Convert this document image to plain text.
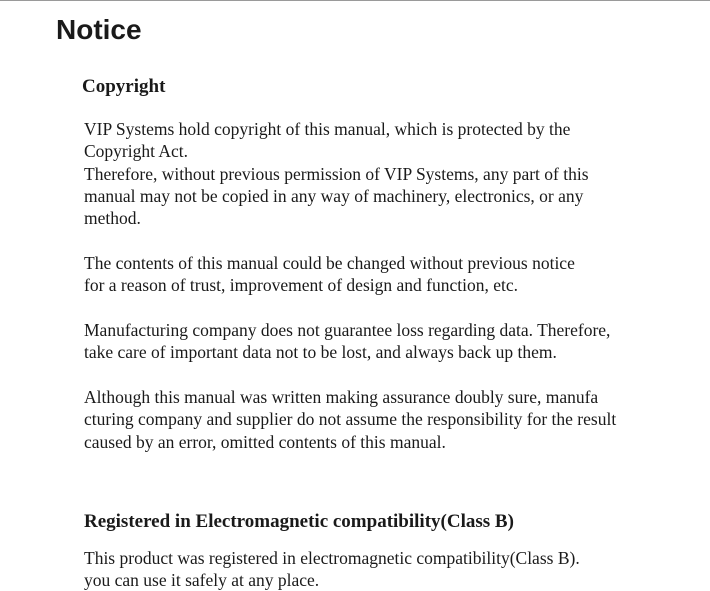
Notice
Copyright

VIP Systems hold copyright of this manual, which is protected by the

Copyright Act.

Therefore, without previous permission of VIP Systems, any part of this

manual may not be copied in any way of machinery, electronics, or any

method.

The contents of this manual could be changed without previous notice

for a reason of trust, improvement of design and function, etc.

Manufacturing company does not guarantee loss regarding data. Therefore,

take care of important data not to be lost, and always back up them.

Although this manual was written making assurance doubly sure, manufa

cturing company and supplier do not assume the responsibility for the result

caused by an error, omitted contents of this manual.

Registered in Electromagnetic compatibility(Class B)

This product was registered in electromagnetic compatibility(Class B).

you can use it safely at any place.
